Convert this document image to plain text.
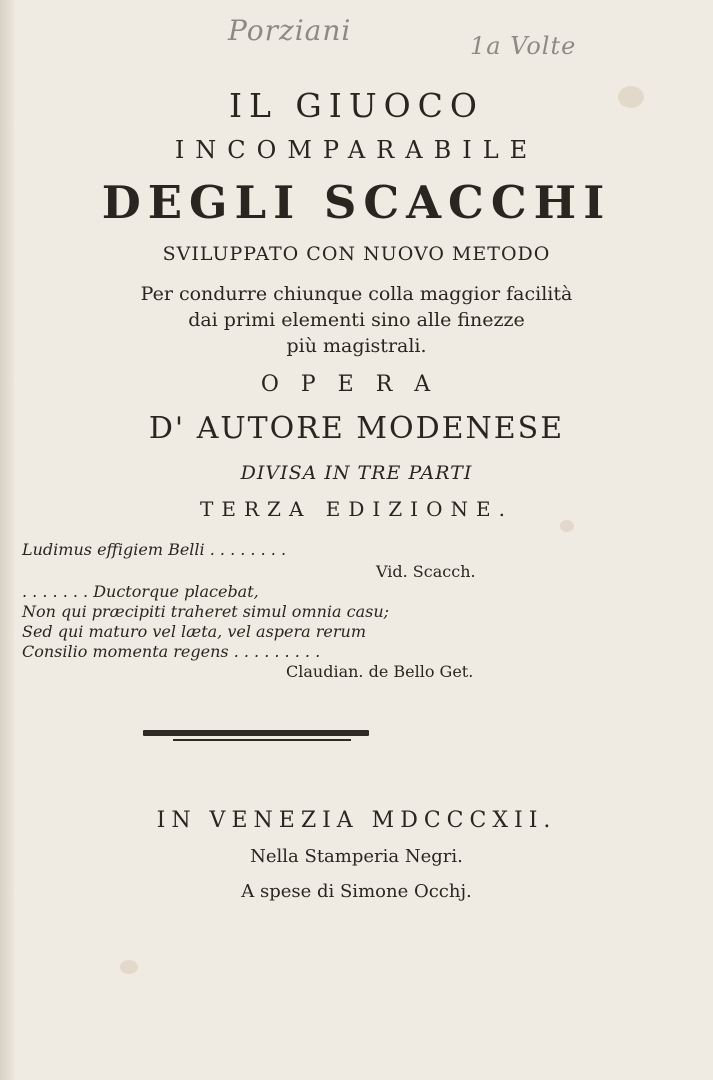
Porziani	1a Volte
IL GIUOCO
INCOMPARABILE
DEGLI SCACCHI
SVILUPPATO CON NUOVO METODO
Per condurre chiunque colla maggior facilità
dai primi elementi sino alle finezze
più magistrali.
OPERA
D' AUTORE MODENESE
DIVISA IN TRE PARTI
TERZA EDIZIONE.
Ludimus effigiem Belli . . . . . . . .
Vid. Scacch.
. . . . . . . Ductorque placebat,
Non qui præcipiti traheret simul omnia casu;
Sed qui maturo vel læta, vel aspera rerum
Consilio momenta regens . . . . . . . . .
Claudian. de Bello Get.
IN VENEZIA MDCCCXII.
Nella Stamperia Negri.
A spese di Simone Occhj.
